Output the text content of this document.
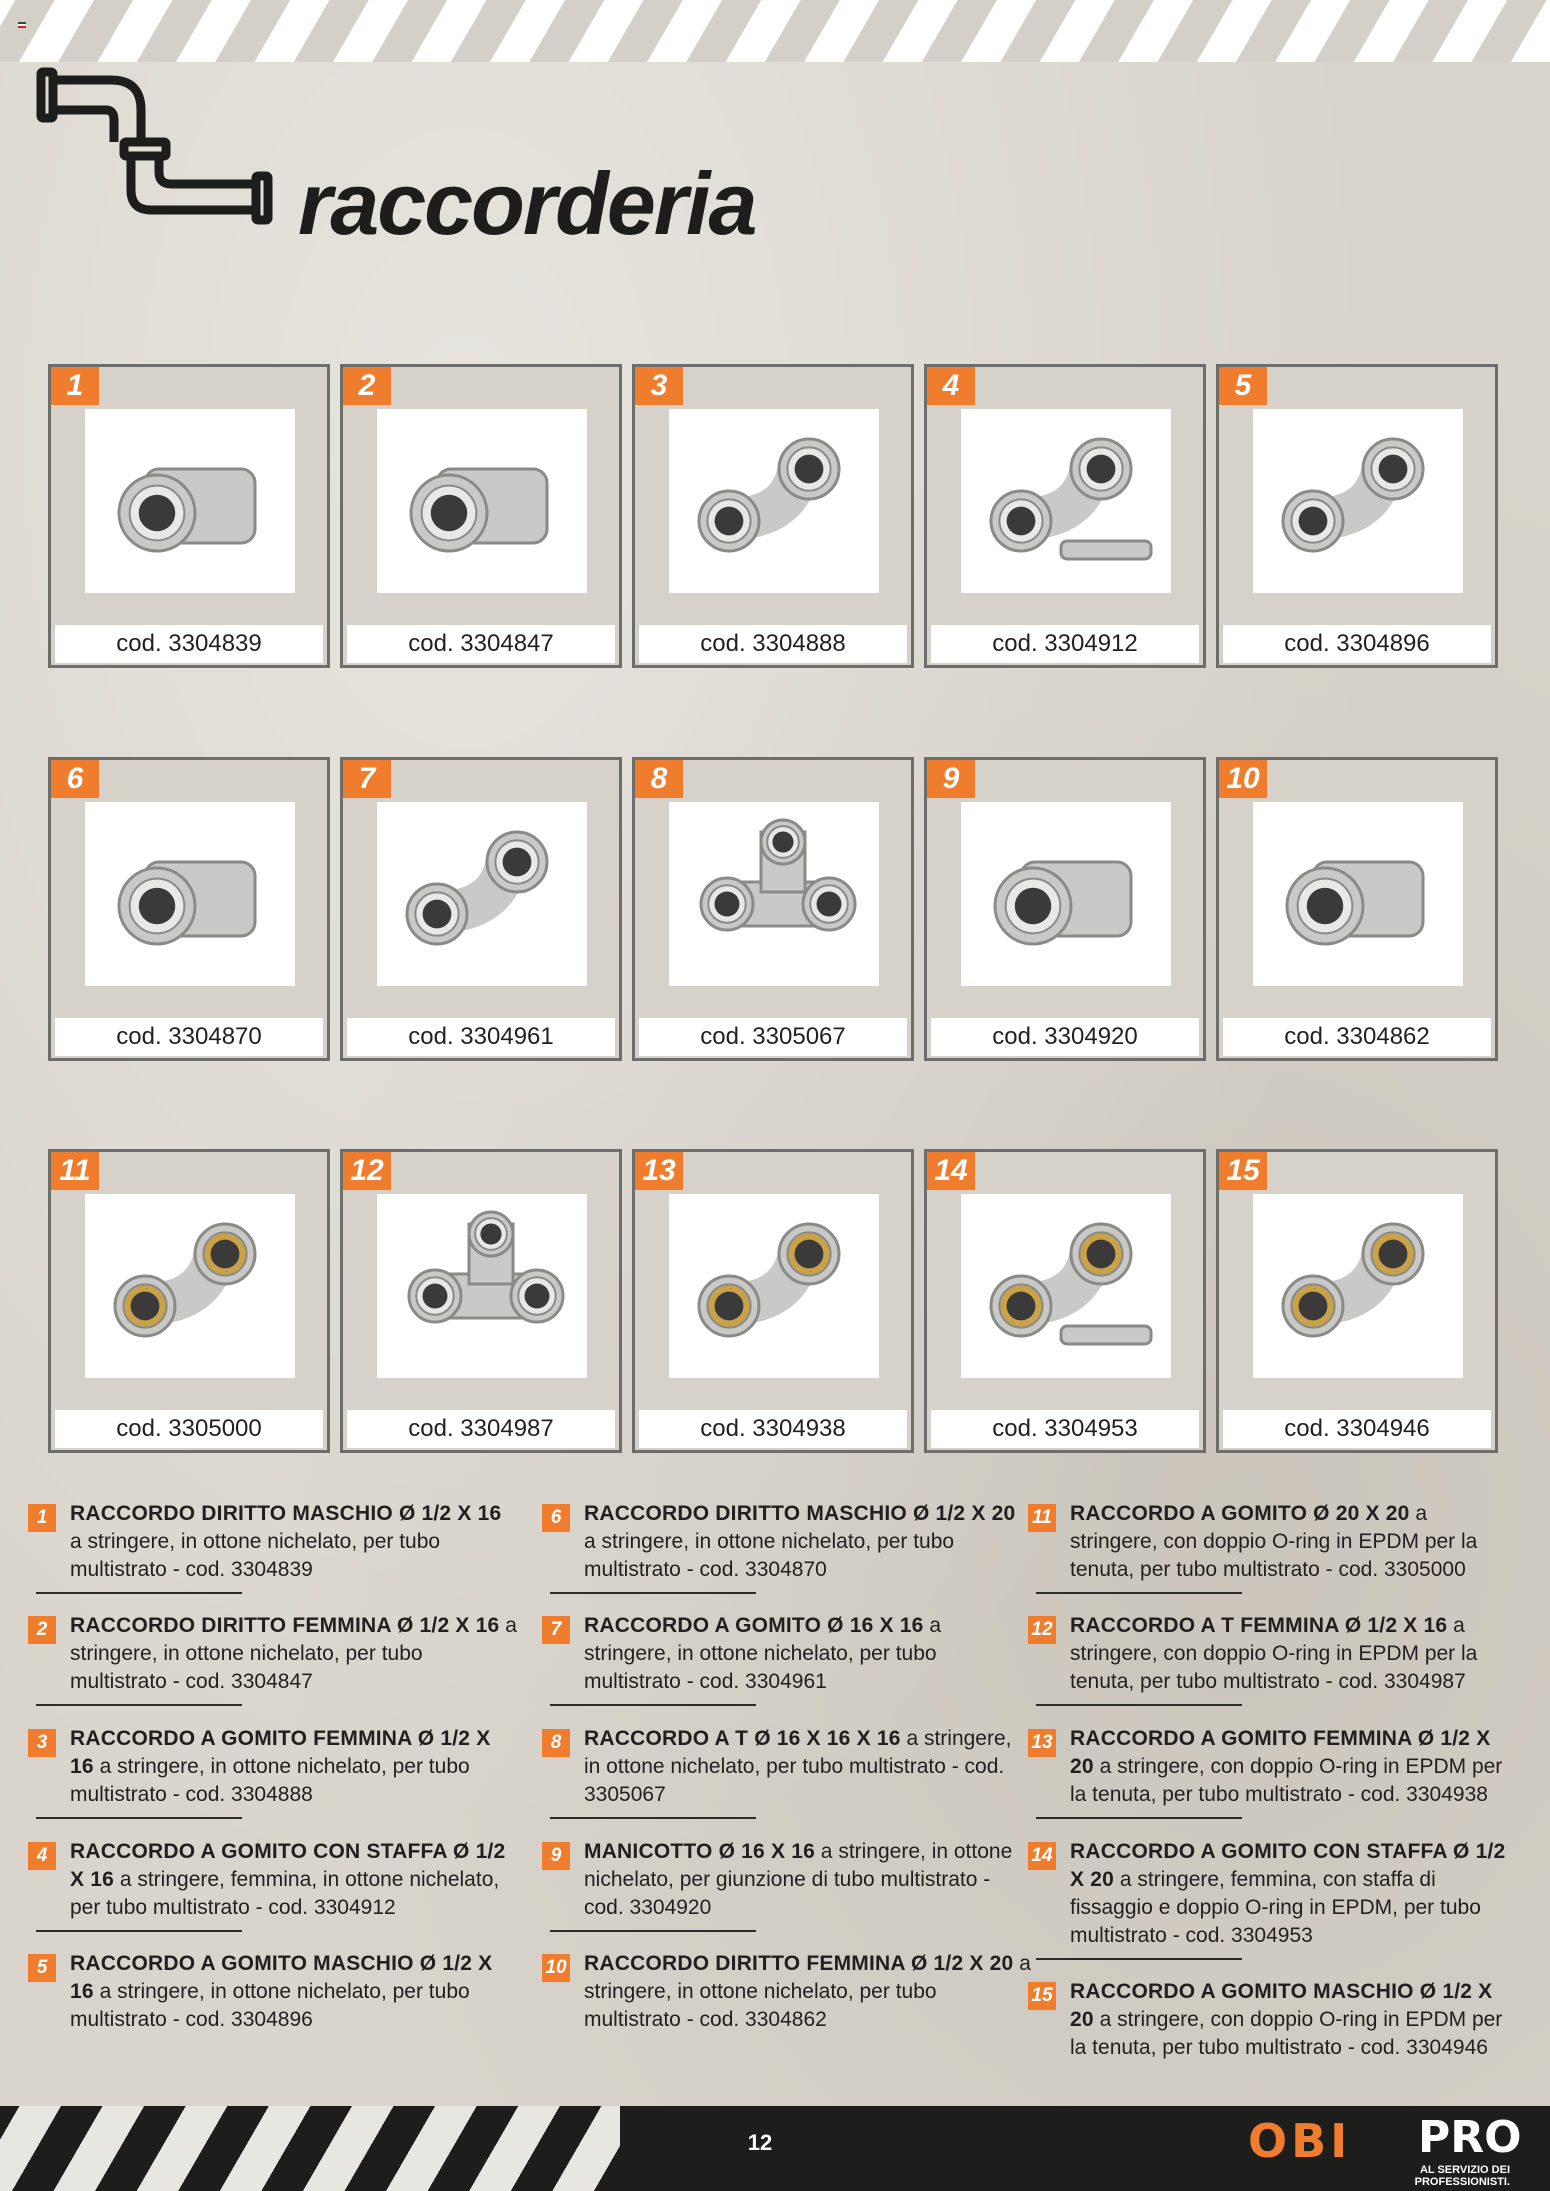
raccorderia
1
cod. 3304839
2
cod. 3304847
3
cod. 3304888
4
cod. 3304912
5
cod. 3304896
6
cod. 3304870
7
cod. 3304961
8
cod. 3305067
9
cod. 3304920
10
cod. 3304862
11
cod. 3305000
12
cod. 3304987
13
cod. 3304938
14
cod. 3304953
15
cod. 3304946
1	RACCORDO DIRITTO MASCHIO Ø 1/2 X 16 a stringere, in ottone nichelato, per tubo multistrato - cod. 3304839
2	RACCORDO DIRITTO FEMMINA Ø 1/2 X 16 a stringere, in ottone nichelato, per tubo multistrato - cod. 3304847
3	RACCORDO A GOMITO FEMMINA Ø 1/2 X 16 a stringere, in ottone nichelato, per tubo multistrato - cod. 3304888
4	RACCORDO A GOMITO CON STAFFA Ø 1/2 X 16 a stringere, femmina, in ottone nichelato, per tubo multistrato - cod. 3304912
5	RACCORDO A GOMITO MASCHIO Ø 1/2 X 16 a stringere, in ottone nichelato, per tubo multistrato - cod. 3304896
6	RACCORDO DIRITTO MASCHIO Ø 1/2 X 20 a stringere, in ottone nichelato, per tubo multistrato - cod. 3304870
7	RACCORDO A GOMITO Ø 16 X 16 a stringere, in ottone nichelato, per tubo multistrato - cod. 3304961
8	RACCORDO A T Ø 16 X 16 X 16 a stringere, in ottone nichelato, per tubo multistrato - cod. 3305067
9	MANICOTTO Ø 16 X 16 a stringere, in ottone nichelato, per giunzione di tubo multistrato - cod. 3304920
10 RACCORDO DIRITTO FEMMINA Ø 1/2 X 20 a stringere, in ottone nichelato, per tubo multistrato - cod. 3304862
11 RACCORDO A GOMITO Ø 20 X 20 a stringere, con doppio O-ring in EPDM per la tenuta, per tubo multistrato - cod. 3305000
12 RACCORDO A T FEMMINA Ø 1/2 X 16 a stringere, con doppio O-ring in EPDM per la tenuta, per tubo multistrato - cod. 3304987
13 RACCORDO A GOMITO FEMMINA Ø 1/2 X 20 a stringere, con doppio O-ring in EPDM per la tenuta, per tubo multistrato - cod. 3304938
14 RACCORDO A GOMITO CON STAFFA Ø 1/2 X 20 a stringere, femmina, con staffa di fissaggio e doppio O-ring in EPDM, per tubo multistrato - cod. 3304953
15 RACCORDO A GOMITO MASCHIO Ø 1/2 X 20 a stringere, con doppio O-ring in EPDM per la tenuta, per tubo multistrato - cod. 3304946
12	OBI PRO
AL SERVIZIO DEI PROFESSIONISTI.
